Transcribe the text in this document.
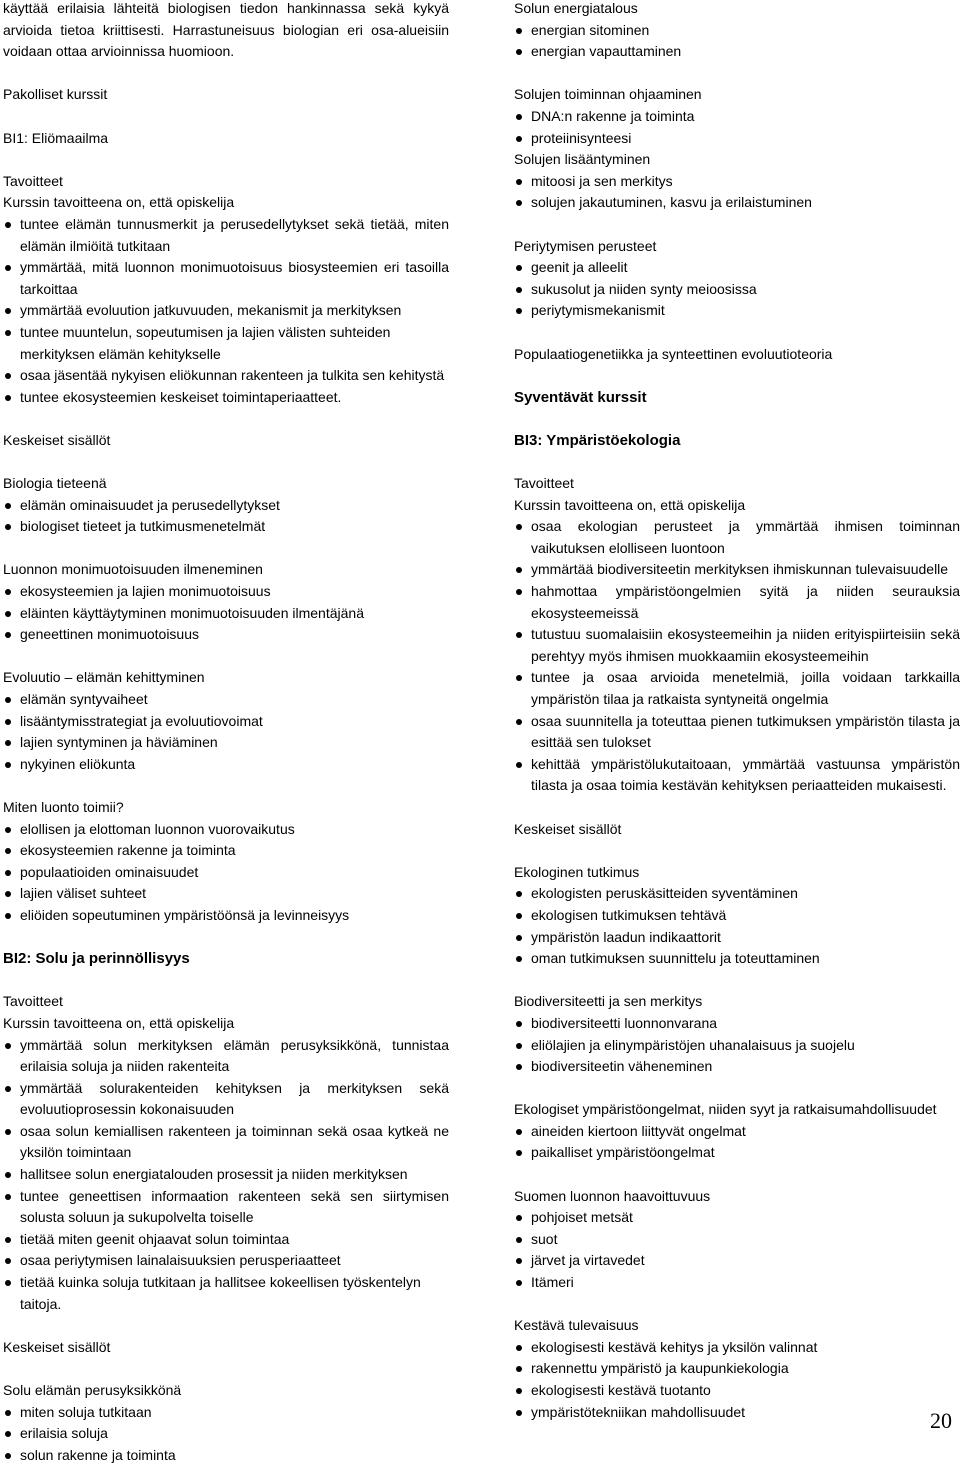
käyttää erilaisia lähteitä biologisen tiedon hankinnassa sekä kykyä arvioida tietoa kriittisesti. Harrastuneisuus biologian eri osa-alueisiin voidaan ottaa arvioinnissa huomioon.
Pakolliset kurssit
BI1: Eliömaailma
Tavoitteet
Kurssin tavoitteena on, että opiskelija
tuntee elämän tunnusmerkit ja perusedellytykset sekä tietää, miten elämän ilmiöitä tutkitaan
ymmärtää, mitä luonnon monimuotoisuus biosysteemien eri tasoilla tarkoittaa
ymmärtää evoluution jatkuvuuden, mekanismit ja merkityksen
tuntee muuntelun, sopeutumisen ja lajien välisten suhteiden merkityksen elämän kehitykselle
osaa jäsentää nykyisen eliökunnan rakenteen ja tulkita sen kehitystä
tuntee ekosysteemien keskeiset toimintaperiaatteet.
Keskeiset sisällöt
Biologia tieteenä
elämän ominaisuudet ja perusedellytykset
biologiset tieteet ja tutkimusmenetelmät
Luonnon monimuotoisuuden ilmeneminen
ekosysteemien ja lajien monimuotoisuus
eläinten käyttäytyminen monimuotoisuuden ilmentäjänä
geneettinen monimuotoisuus
Evoluutio – elämän kehittyminen
elämän syntyvaiheet
lisääntymisstrategiat ja evoluutiovoimat
lajien syntyminen ja häviäminen
nykyinen eliökunta
Miten luonto toimii?
elollisen ja elottoman luonnon vuorovaikutus
ekosysteemien rakenne ja toiminta
populaatioiden ominaisuudet
lajien väliset suhteet
eliöiden sopeutuminen ympäristöönsä ja levinneisyys
BI2: Solu ja perinnöllisyys
Tavoitteet
Kurssin tavoitteena on, että opiskelija
ymmärtää solun merkityksen elämän perusyksikkönä, tunnistaa erilaisia soluja ja niiden rakenteita
ymmärtää solurakenteiden kehityksen ja merkityksen sekä evoluutioprosessin kokonaisuuden
osaa solun kemiallisen rakenteen ja toiminnan sekä osaa kytkeä ne yksilön toimintaan
hallitsee solun energiatalouden prosessit ja niiden merkityksen
tuntee geneettisen informaation rakenteen sekä sen siirtymisen solusta soluun ja sukupolvelta toiselle
tietää miten geenit ohjaavat solun toimintaa
osaa periytymisen lainalaisuuksien perusperiaatteet
tietää kuinka soluja tutkitaan ja hallitsee kokeellisen työskentelyn taitoja.
Keskeiset sisällöt
Solu elämän perusyksikkönä
miten soluja tutkitaan
erilaisia soluja
solun rakenne ja toiminta
Solun energiatalous
energian sitominen
energian vapauttaminen
Solujen toiminnan ohjaaminen
DNA:n rakenne ja toiminta
proteiinisynteesi
Solujen lisääntyminen
mitoosi ja sen merkitys
solujen jakautuminen, kasvu ja erilaistuminen
Periytymisen perusteet
geenit ja alleelit
sukusolut ja niiden synty meioosissa
periytymismekanismit
Populaatiogenetiikka ja synteettinen evoluutioteoria
Syventävät kurssit
BI3: Ympäristöekologia
Tavoitteet
Kurssin tavoitteena on, että opiskelija
osaa ekologian perusteet ja ymmärtää ihmisen toiminnan vaikutuksen elolliseen luontoon
ymmärtää biodiversiteetin merkityksen ihmiskunnan tulevaisuudelle
hahmottaa ympäristöongelmien syitä ja niiden seurauksia ekosysteemeissä
tutustuu suomalaisiin ekosysteemeihin ja niiden erityispiirteisiin sekä perehtyy myös ihmisen muokkaamiin ekosysteemeihin
tuntee ja osaa arvioida menetelmiä, joilla voidaan tarkkailla ympäristön tilaa ja ratkaista syntyneitä ongelmia
osaa suunnitella ja toteuttaa pienen tutkimuksen ympäristön tilasta ja esittää sen tulokset
kehittää ympäristölukutaitoaan, ymmärtää vastuunsa ympäristön tilasta ja osaa toimia kestävän kehityksen periaatteiden mukaisesti.
Keskeiset sisällöt
Ekologinen tutkimus
ekologisten peruskäsitteiden syventäminen
ekologisen tutkimuksen tehtävä
ympäristön laadun indikaattorit
oman tutkimuksen suunnittelu ja toteuttaminen
Biodiversiteetti ja sen merkitys
biodiversiteetti luonnonvarana
eliölajien ja elinympäristöjen uhanalaisuus ja suojelu
biodiversiteetin väheneminen
Ekologiset ympäristöongelmat, niiden syyt ja ratkaisumahdollisuudet
aineiden kiertoon liittyvät ongelmat
paikalliset ympäristöongelmat
Suomen luonnon haavoittuvuus
pohjoiset metsät
suot
järvet ja virtavedet
Itämeri
Kestävä tulevaisuus
ekologisesti kestävä kehitys ja yksilön valinnat
rakennettu ympäristö ja kaupunkiekologia
ekologisesti kestävä tuotanto
ympäristötekniikan mahdollisuudet	20
